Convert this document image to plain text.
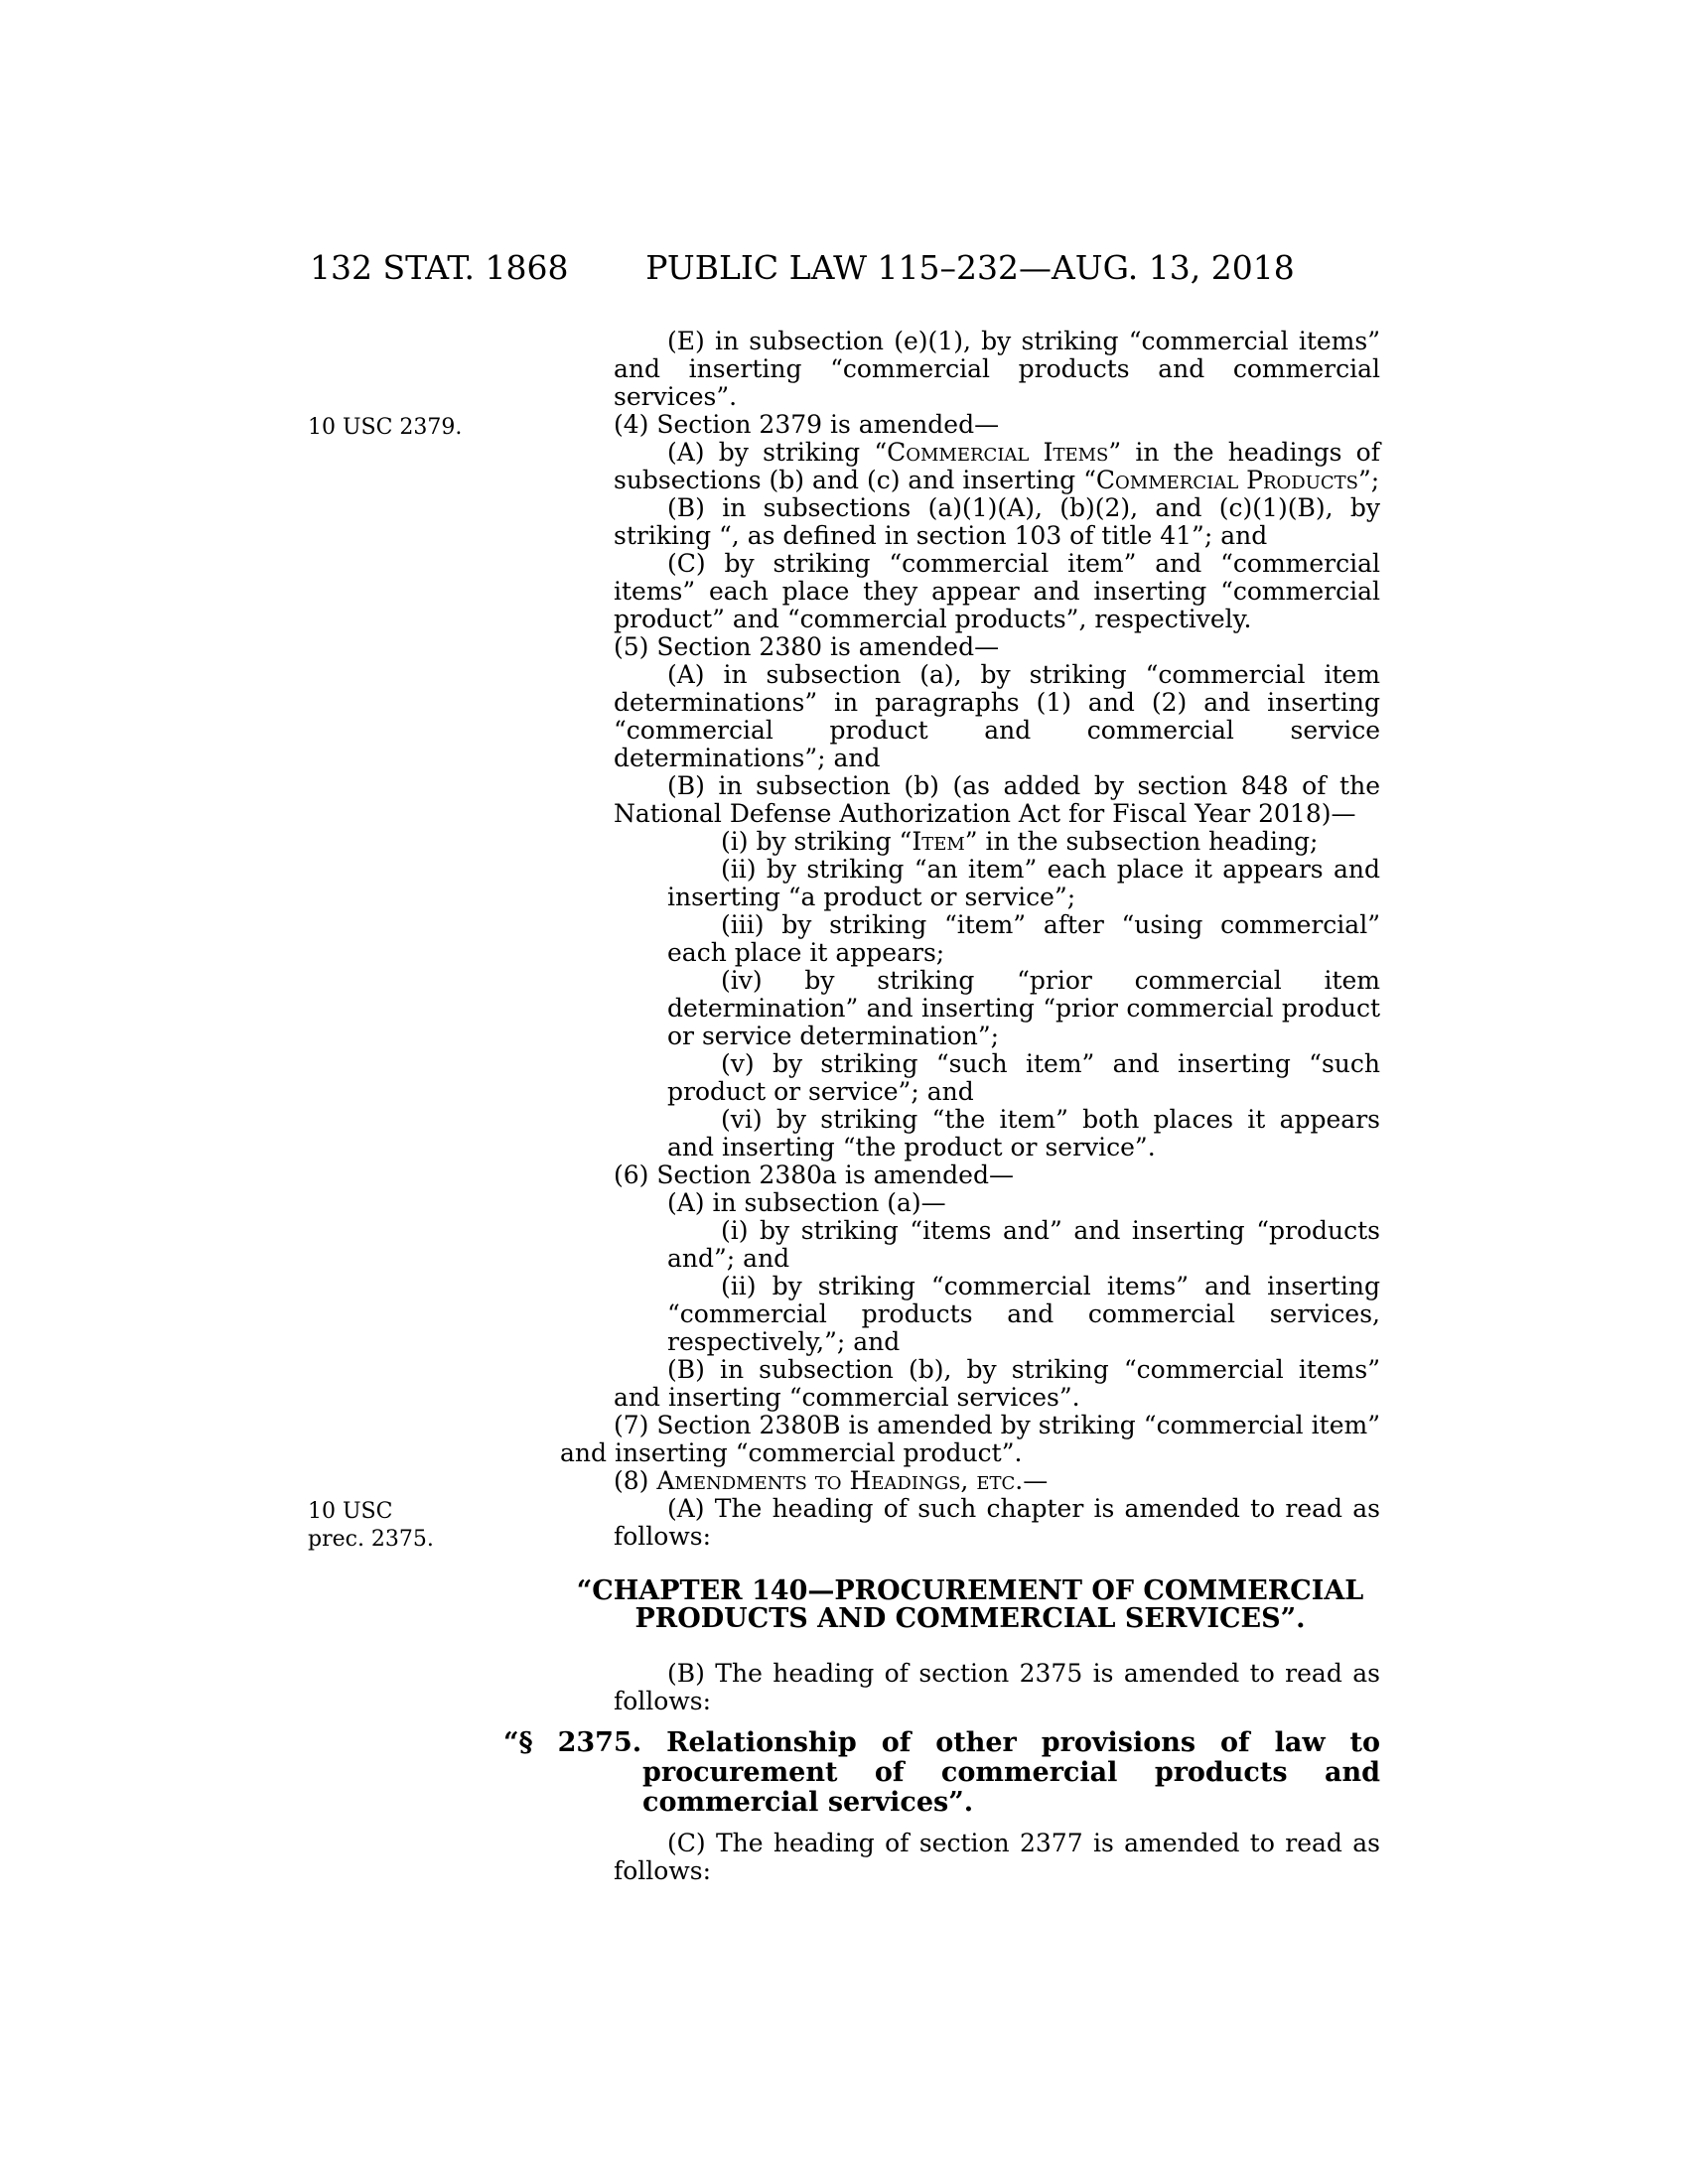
132 STAT. 1868	PUBLIC LAW 115–232—AUG. 13, 2018

(E) in subsection (e)(1), by striking “commercial items” and inserting “commercial products and commercial services”.

10 USC 2379.	(4) Section 2379 is amended—

(A) by striking “Commercial Items” in the headings of subsections (b) and (c) and inserting “Commercial Products”;

(B) in subsections (a)(1)(A), (b)(2), and (c)(1)(B), by striking “, as defined in section 103 of title 41”; and

(C) by striking “commercial item” and “commercial items” each place they appear and inserting “commercial product” and “commercial products”, respectively.

(5) Section 2380 is amended—

(A) in subsection (a), by striking “commercial item determinations” in paragraphs (1) and (2) and inserting “commercial product and commercial service determinations”; and

(B) in subsection (b) (as added by section 848 of the National Defense Authorization Act for Fiscal Year 2018)—

(i) by striking “Item” in the subsection heading;

(ii) by striking “an item” each place it appears and inserting “a product or service”;

(iii) by striking “item” after “using commercial” each place it appears;

(iv) by striking “prior commercial item determination” and inserting “prior commercial product or service determination”;

(v) by striking “such item” and inserting “such product or service”; and

(vi) by striking “the item” both places it appears and inserting “the product or service”.

(6) Section 2380a is amended—

(A) in subsection (a)—

(i) by striking “items and” and inserting “products and”; and

(ii) by striking “commercial items” and inserting “commercial products and commercial services, respectively,”; and

(B) in subsection (b), by striking “commercial items” and inserting “commercial services”.

(7) Section 2380B is amended by striking “commercial item” and inserting “commercial product”.

(8) Amendments to Headings, etc.—

10 USC
prec. 2375.
(A) The heading of such chapter is amended to read as follows:

“CHAPTER 140—PROCUREMENT OF COMMERCIAL PRODUCTS AND COMMERCIAL SERVICES”.

(B) The heading of section 2375 is amended to read as follows:

“§ 2375. Relationship of other provisions of law to procurement of commercial products and commercial services”.

(C) The heading of section 2377 is amended to read as follows:
